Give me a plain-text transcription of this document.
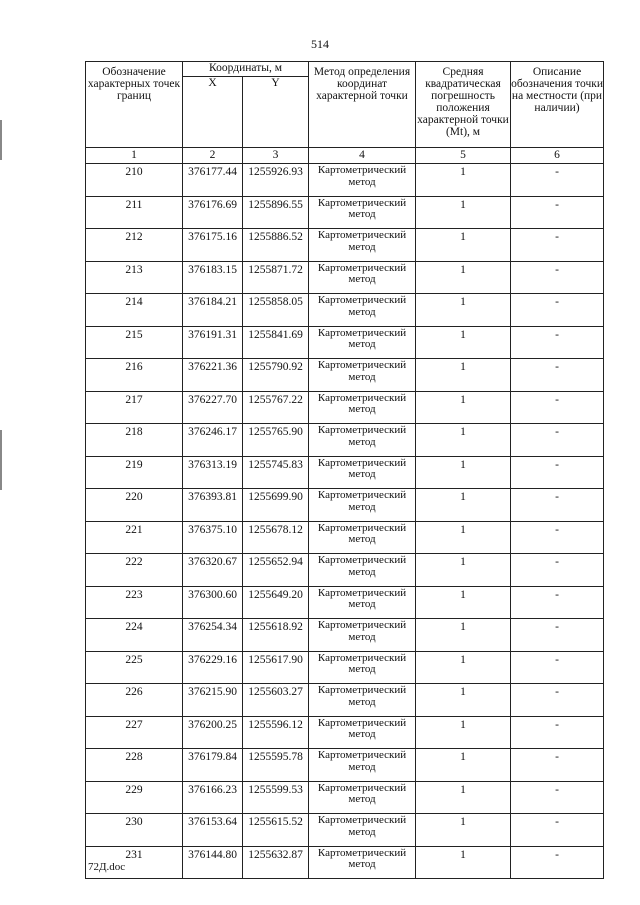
514
Обозначение характерных точек границ	Координаты, м		Метод определения координат характерной точки	Средняя квадратическая погрешность положения характерной точки (Mt), м	Описание обозначения точки на местности (при наличии)
	X	Y			
1	2	3	4	5	6
210	376177.44	1255926.93	Картометрический метод	1	-
211	376176.69	1255896.55	Картометрический метод	1	-
212	376175.16	1255886.52	Картометрический метод	1	-
213	376183.15	1255871.72	Картометрический метод	1	-
214	376184.21	1255858.05	Картометрический метод	1	-
215	376191.31	1255841.69	Картометрический метод	1	-
216	376221.36	1255790.92	Картометрический метод	1	-
217	376227.70	1255767.22	Картометрический метод	1	-
218	376246.17	1255765.90	Картометрический метод	1	-
219	376313.19	1255745.83	Картометрический метод	1	-
220	376393.81	1255699.90	Картометрический метод	1	-
221	376375.10	1255678.12	Картометрический метод	1	-
222	376320.67	1255652.94	Картометрический метод	1	-
223	376300.60	1255649.20	Картометрический метод	1	-
224	376254.34	1255618.92	Картометрический метод	1	-
225	376229.16	1255617.90	Картометрический метод	1	-
226	376215.90	1255603.27	Картометрический метод	1	-
227	376200.25	1255596.12	Картометрический метод	1	-
228	376179.84	1255595.78	Картометрический метод	1	-
229	376166.23	1255599.53	Картометрический метод	1	-
230	376153.64	1255615.52	Картометрический метод	1	-
231	376144.80	1255632.87	Картометрический метод	1	-
72Д.doc
